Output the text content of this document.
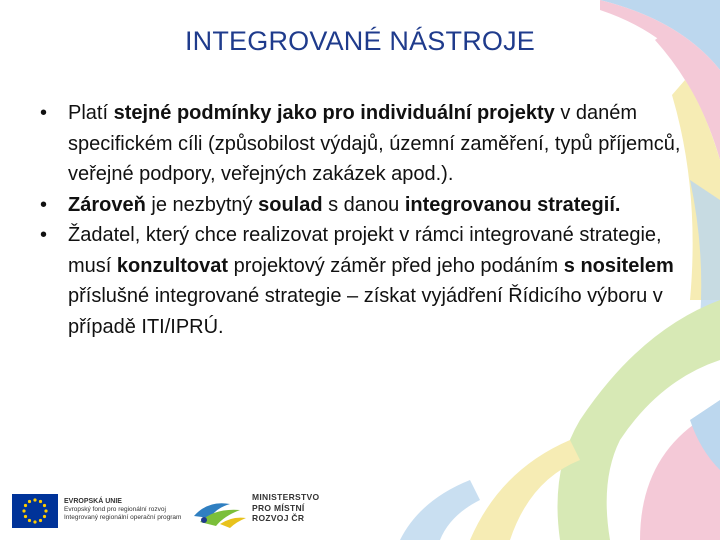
INTEGROVANÉ NÁSTROJE
• Platí stejné podmínky jako pro individuální projekty v daném specifickém cíli (způsobilost výdajů, územní zaměření, typů příjemců, veřejné podpory, veřejných zakázek apod.).
• Zároveň je nezbytný soulad s danou integrovanou strategií.
• Žadatel, který chce realizovat projekt v rámci integrované strategie, musí konzultovat projektový záměr před jeho podáním s nositelem příslušné integrované strategie – získat vyjádření Řídicího výboru v případě ITI/IPRÚ.
EVROPSKÁ UNIE
Evropský fond pro regionální rozvoj
Integrovaný regionální operační program
MINISTERSTVO
PRO MÍSTNÍ
ROZVOJ ČR
